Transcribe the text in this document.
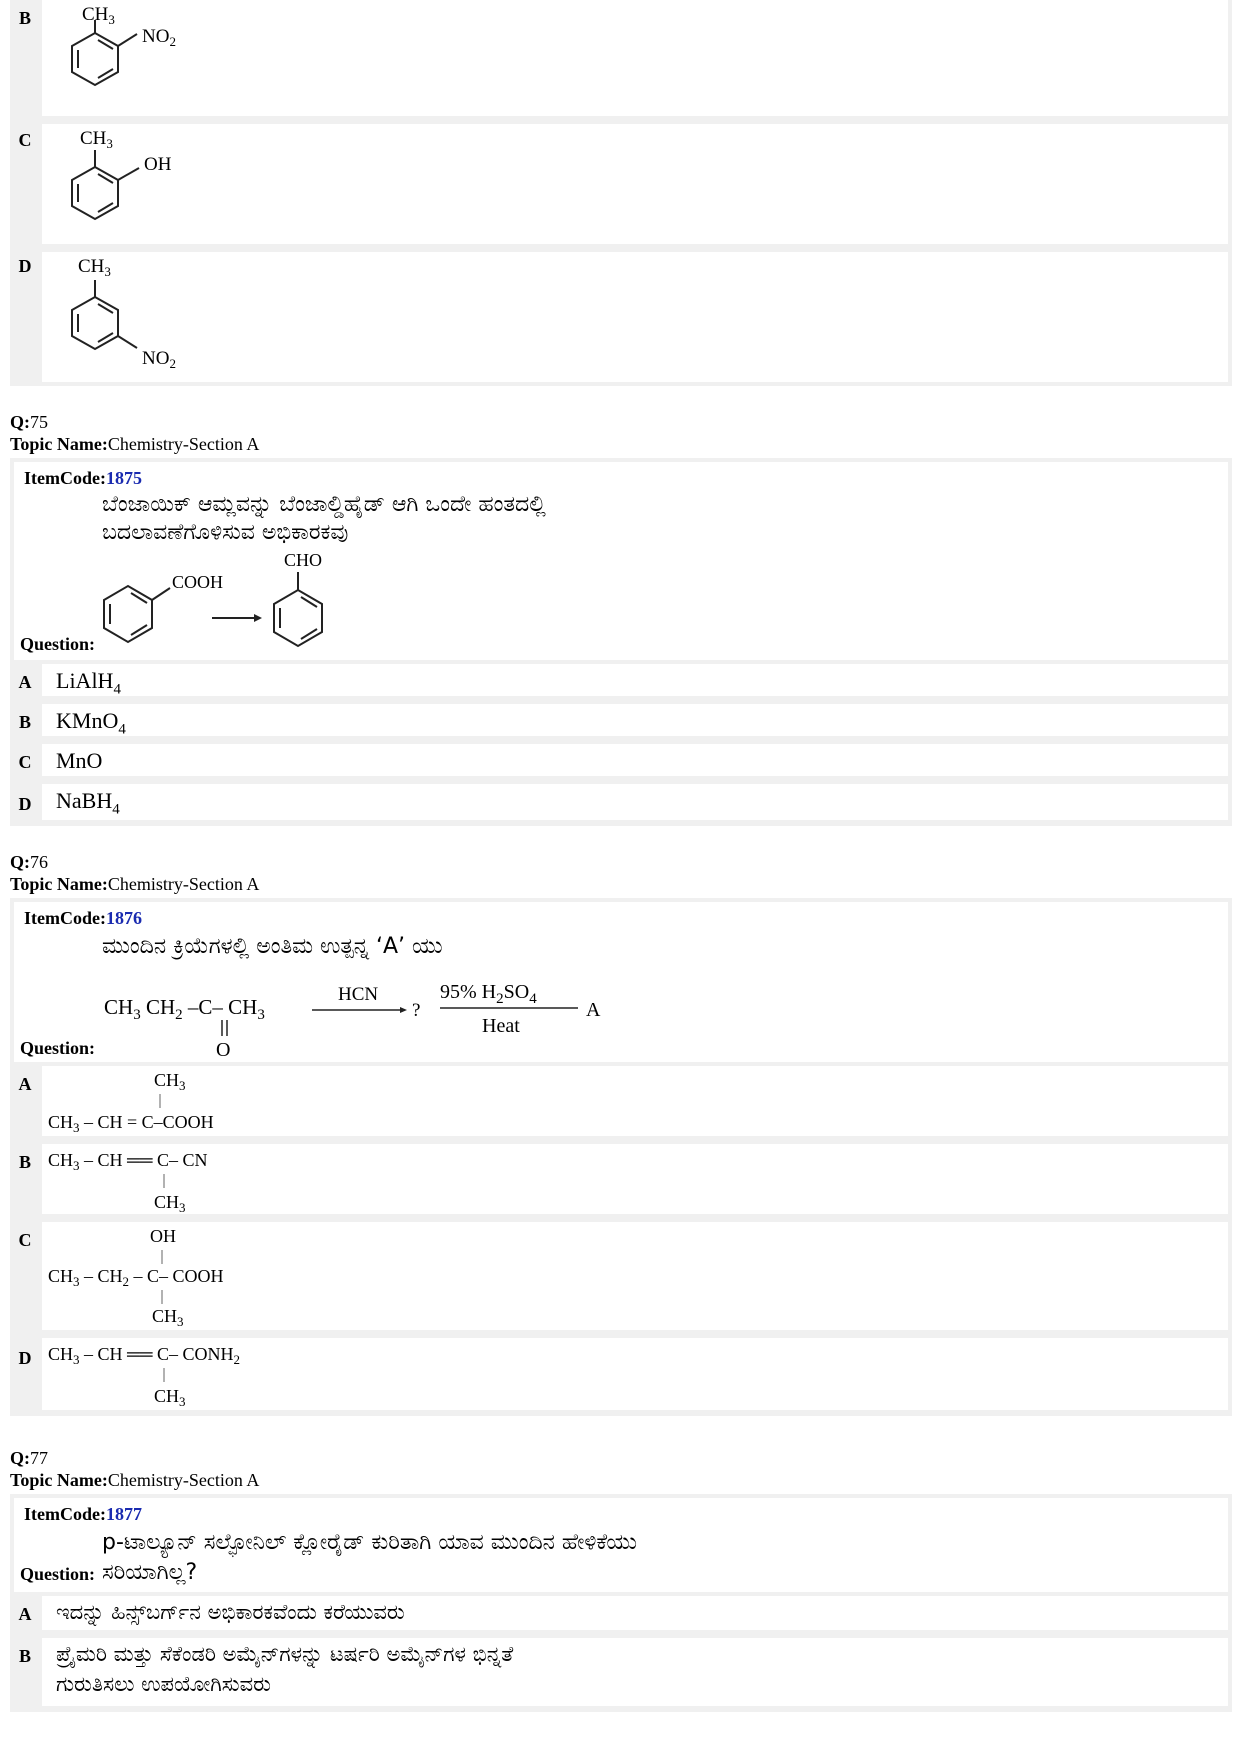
B	$CH_3$
$NO_2$
C	$CH_3$
OH
D	$CH_3$
$NO_2$
Q:75
Topic Name:Chemistry-Section A
ItemCode:1875
ಬೆಂಜಾಯಿಕ್ ಆಮ್ಲವನ್ನು ಬೆಂಜಾಲ್ಡಿಹೈಡ್ ಆಗಿ ಒಂದೇ ಹಂತದಲ್ಲಿ
ಬದಲಾವಣೆಗೊಳಿಸುವ ಅಭಿಕಾರಕವು
COOH
CHO
Question:
A	LiAlH$_4$
B	KMnO$_4$
C	MnO
D	NaBH$_4$
Q:76
Topic Name:Chemistry-Section A
ItemCode:1876
ಮುಂದಿನ ಕ್ರಿಯೆಗಳಲ್ಲಿ ಅಂತಿಮ ಉತ್ಪನ್ನ ‘A’ ಯು
$CH_3$ $CH_2$ –C– $CH_3$
O
HCN
?
95% $H_2SO_4$
Heat
A
Question:
A	$CH_3$
$CH_3$ – CH = C–COOH
B $CH_3$ – CH ══ C– CN
$CH_3$
C	OH
$CH_3 - CH_2 - C-$ COOH
$CH_3$
D $CH_3$ – CH ══ C– $CONH_2$
$CH_3$
Q:77
Topic Name:Chemistry-Section A
ItemCode:1877
p-ಟಾಲ್ಯೂನ್ ಸಲ್ಫೋನಿಲ್ ಕ್ಲೋರೈಡ್ ಕುರಿತಾಗಿ ಯಾವ ಮುಂದಿನ ಹೇಳಿಕೆಯು
Question: ಸರಿಯಾಗಿಲ್ಲ?
A	ಇದನ್ನು ಹಿನ್ಸ್‌ಬರ್ಗ್‌ನ ಅಭಿಕಾರಕವೆಂದು ಕರೆಯುವರು
B	ಪ್ರೈಮರಿ ಮತ್ತು ಸೆಕೆಂಡರಿ ಅಮೈನ್‌ಗಳನ್ನು ಟರ್ಷರಿ ಅಮೈನ್‌ಗಳ ಭಿನ್ನತೆ
ಗುರುತಿಸಲು ಉಪಯೋಗಿಸುವರು
